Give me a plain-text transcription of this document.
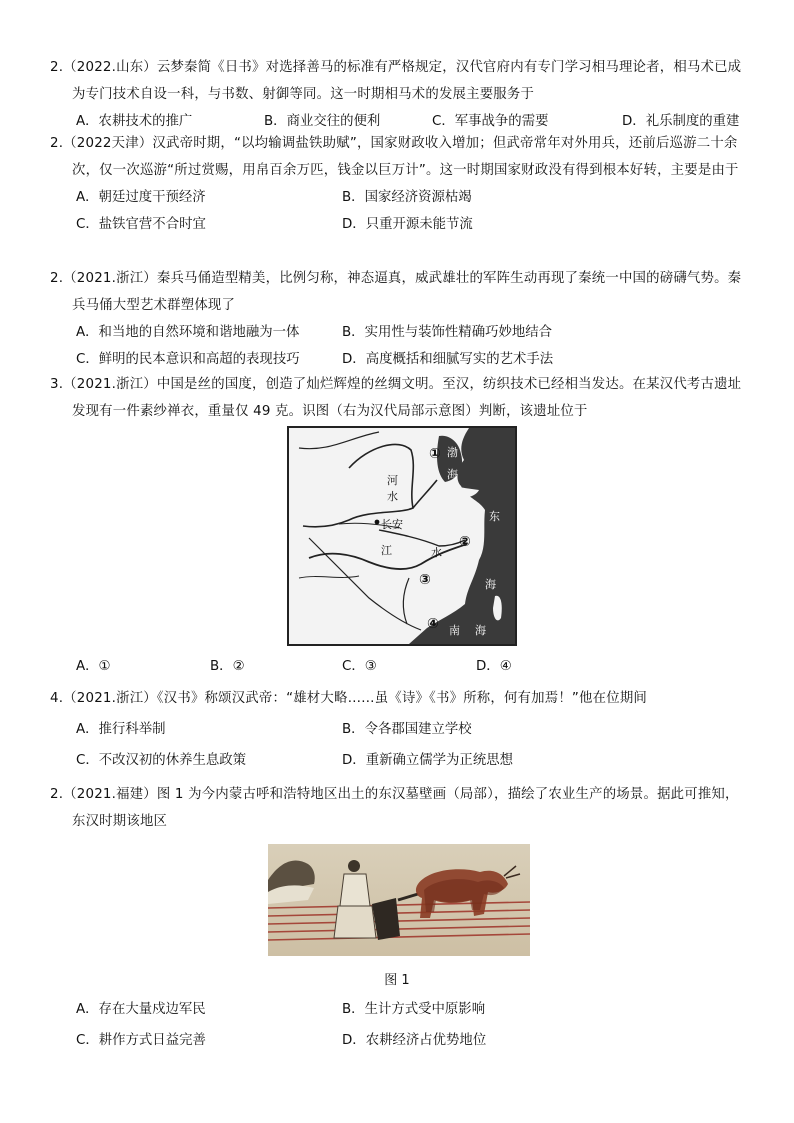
2.（2022.山东）云梦秦简《日书》对选择善马的标准有严格规定，汉代官府内有专门学习相马理论者，相马术已成为专门技术自设一科，与书数、射御等同。这一时期相马术的发展主要服务于
A．农耕技术的推广	B．商业交往的便利	C．军事战争的需要	D．礼乐制度的重建
2.（2022天津）汉武帝时期，“以均输调盐铁助赋”，国家财政收入增加；但武帝常年对外用兵，还前后巡游二十余次，仅一次巡游“所过赏赐，用帛百余万匹，钱金以巨万计”。这一时期国家财政没有得到根本好转，主要是由于
A．朝廷过度干预经济	B．国家经济资源枯竭
C．盐铁官营不合时宜	D．只重开源未能节流
2.（2021.浙江）秦兵马俑造型精美，比例匀称，神态逼真，威武雄壮的军阵生动再现了秦统一中国的磅礴气势。秦兵马俑大型艺术群塑体现了
A．和当地的自然环境和谐地融为一体	B．实用性与装饰性精确巧妙地结合
C．鲜明的民本意识和高超的表现技巧	D．高度概括和细腻写实的艺术手法
3.（2021.浙江）中国是丝的国度，创造了灿烂辉煌的丝绸文明。至汉，纺织技术已经相当发达。在某汉代考古遗址发现有一件素纱禅衣，重量仅 49 克。识图（右为汉代局部示意图）判断，该遗址位于
河
水
长安
江	水
渤
海
东
海
南 海
①
②
③
④
A．①	B．②	C．③	D．④
4.（2021.浙江）《汉书》称颂汉武帝：“雄材大略……虽《诗》《书》所称，何有加焉！”他在位期间
A．推行科举制	B．令各郡国建立学校
C．不改汉初的休养生息政策	D．重新确立儒学为正统思想
2.（2021.福建）图 1 为今内蒙古呼和浩特地区出土的东汉墓壁画（局部），描绘了农业生产的场景。据此可推知，东汉时期该地区
图 1
A．存在大量戍边军民	B．生计方式受中原影响
C．耕作方式日益完善	D．农耕经济占优势地位
